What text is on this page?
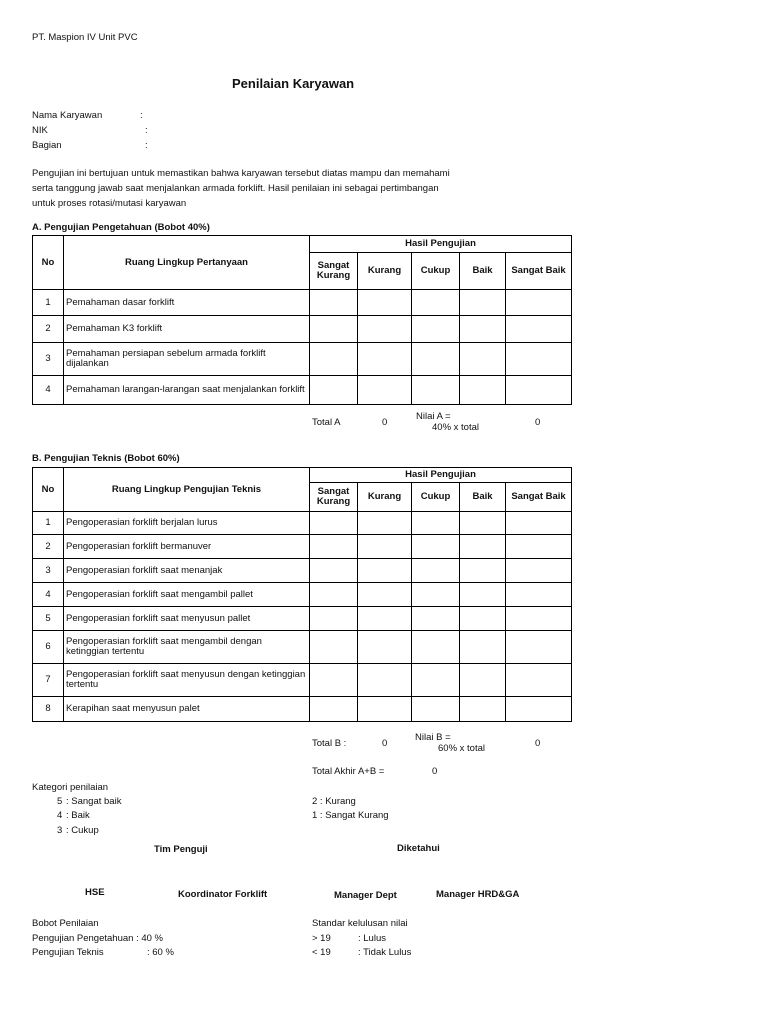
PT. Maspion IV Unit PVC
Penilaian Karyawan
Nama Karyawan	:
NIK	:
Bagian	:
Pengujian ini bertujuan untuk memastikan bahwa karyawan tersebut diatas mampu dan memahami
serta tanggung jawab saat menjalankan armada forklift. Hasil penilaian ini sebagai pertimbangan
untuk proses rotasi/mutasi karyawan
A. Pengujian Pengetahuan (Bobot 40%)
No	Ruang Lingkup Pertanyaan	Hasil Pengujian				
		Sangat Kurang	Kurang	Cukup	Baik	Sangat Baik
1	Pemahaman dasar forklift					
2	Pemahaman K3 forklift					
3	Pemahaman persiapan sebelum armada forklift dijalankan					
4	Pemahaman larangan-larangan saat menjalankan forklift					
Total A	0
Nilai A =
40% x total	0
B. Pengujian Teknis (Bobot 60%)
No	Ruang Lingkup Pengujian Teknis	Hasil Pengujian				
		Sangat Kurang	Kurang	Cukup	Baik	Sangat Baik
1	Pengoperasian forklift berjalan lurus					
2	Pengoperasian forklift bermanuver					
3	Pengoperasian forklift saat menanjak					
4	Pengoperasian forklift saat mengambil pallet					
5	Pengoperasian forklift saat menyusun pallet					
6	Pengoperasian forklift saat mengambil dengan ketinggian tertentu					
7	Pengoperasian forklift saat menyusun dengan ketinggian tertentu					
8	Kerapihan saat menyusun palet					
Total B :	0
Nilai B =
60% x total	0
Total Akhir A+B =	0
Kategori penilaian
5 : Sangat baik
4 : Baik
3 : Cukup
2 : Kurang
1 : Sangat Kurang
Tim Penguji	Diketahui
HSE	Koordinator Forklift	Manager Dept	Manager HRD&GA
Bobot Penilaian
Pengujian Pengetahuan : 40 %
Pengujian Teknis	: 60 %
Standar kelulusan nilai
> 19	: Lulus
< 19	: Tidak Lulus
